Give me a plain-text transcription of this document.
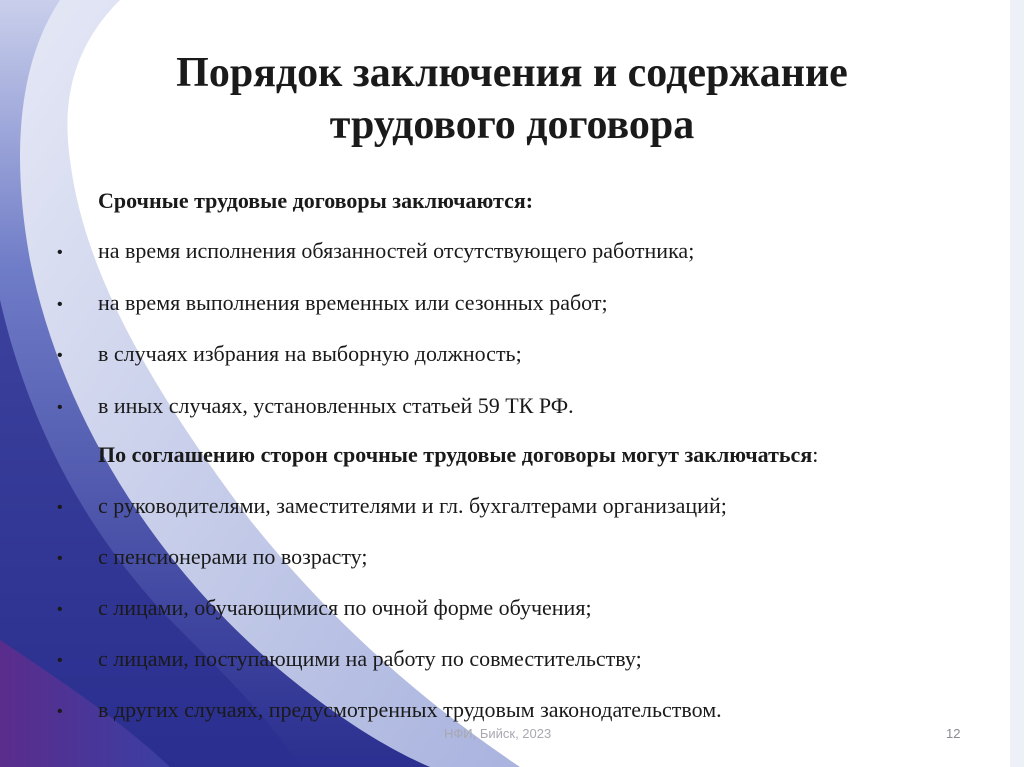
Порядок заключения и содержание
трудового договора
Срочные трудовые договоры заключаются:
• на время исполнения обязанностей отсутствующего работника;
• на время выполнения временных или сезонных работ;
• в случаях избрания на выборную должность;
• в иных случаях, установленных статьей 59 ТК РФ.
По соглашению сторон срочные трудовые договоры могут заключаться:
• с руководителями, заместителями и гл. бухгалтерами организаций;
• с пенсионерами по возрасту;
• с лицами, обучающимися по очной форме обучения;
• с лицами, поступающими на работу по совместительству;
• в других случаях, предусмотренных трудовым законодательством.
НФИ, Бийск, 2023	12
